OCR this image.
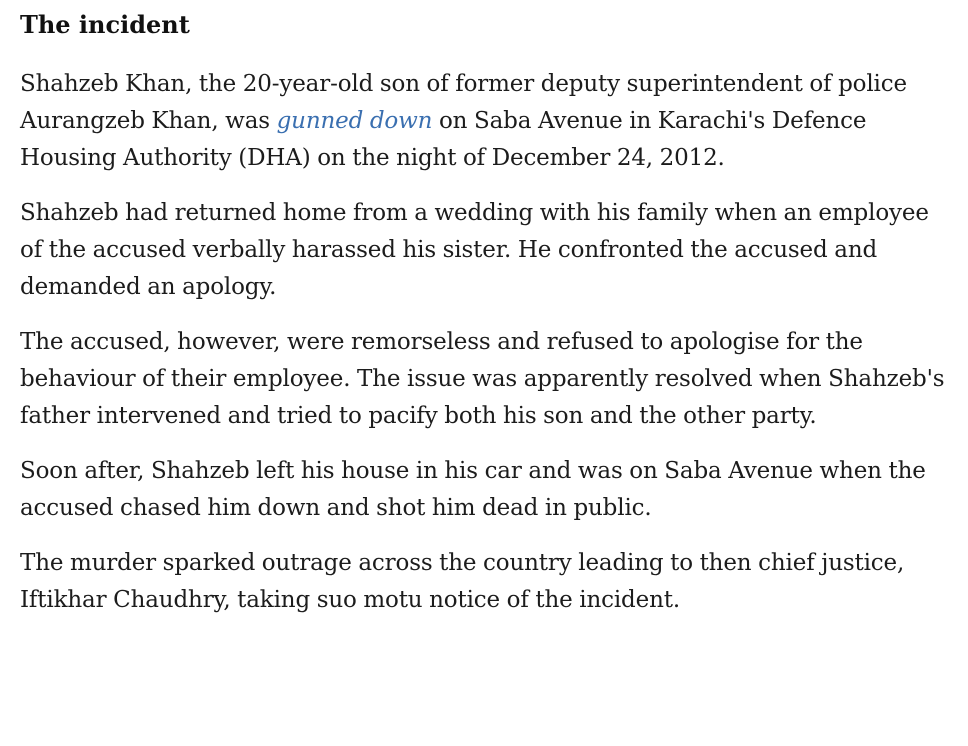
The incident

Shahzeb Khan, the 20-year-old son of former deputy superintendent of police Aurangzeb Khan, was gunned down on Saba Avenue in Karachi's Defence Housing Authority (DHA) on the night of December 24, 2012.

Shahzeb had returned home from a wedding with his family when an employee of the accused verbally harassed his sister. He confronted the accused and demanded an apology.

The accused, however, were remorseless and refused to apologise for the behaviour of their employee. The issue was apparently resolved when Shahzeb's father intervened and tried to pacify both his son and the other party.

Soon after, Shahzeb left his house in his car and was on Saba Avenue when the accused chased him down and shot him dead in public.

The murder sparked outrage across the country leading to then chief justice, Iftikhar Chaudhry, taking suo motu notice of the incident.
